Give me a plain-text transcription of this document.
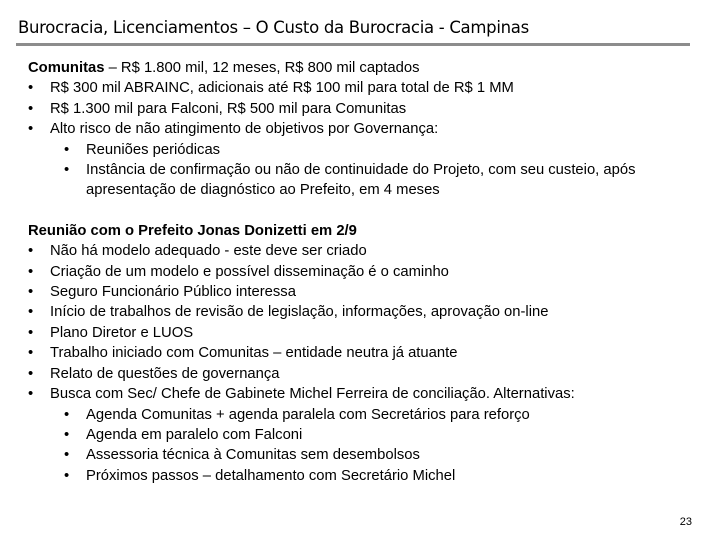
Burocracia, Licenciamentos – O Custo da Burocracia - Campinas
Comunitas – R$ 1.800 mil, 12 meses, R$ 800 mil captados
•	R$ 300 mil ABRAINC, adicionais até R$ 100 mil para total de R$ 1 MM
•	R$ 1.300 mil para Falconi, R$ 500 mil para Comunitas
•	Alto risco de não atingimento de objetivos por Governança:
• Reuniões periódicas
• Instância de confirmação ou não de continuidade do Projeto, com seu custeio, após apresentação de diagnóstico ao Prefeito, em 4 meses
Reunião com o Prefeito Jonas Donizetti em 2/9
•	Não há modelo adequado - este deve ser criado
•	Criação de um modelo e possível disseminação é o caminho
•	Seguro Funcionário Público interessa
•	Início de trabalhos de revisão de legislação, informações, aprovação on-line
•	Plano Diretor e LUOS
•	Trabalho iniciado com Comunitas – entidade neutra já atuante
•	Relato de questões de governança
•	Busca com Sec/ Chefe de Gabinete Michel Ferreira de conciliação. Alternativas:
• Agenda Comunitas + agenda paralela com Secretários para reforço
• Agenda em paralelo com Falconi
• Assessoria técnica à Comunitas sem desembolsos
• Próximos passos – detalhamento com Secretário Michel
23
